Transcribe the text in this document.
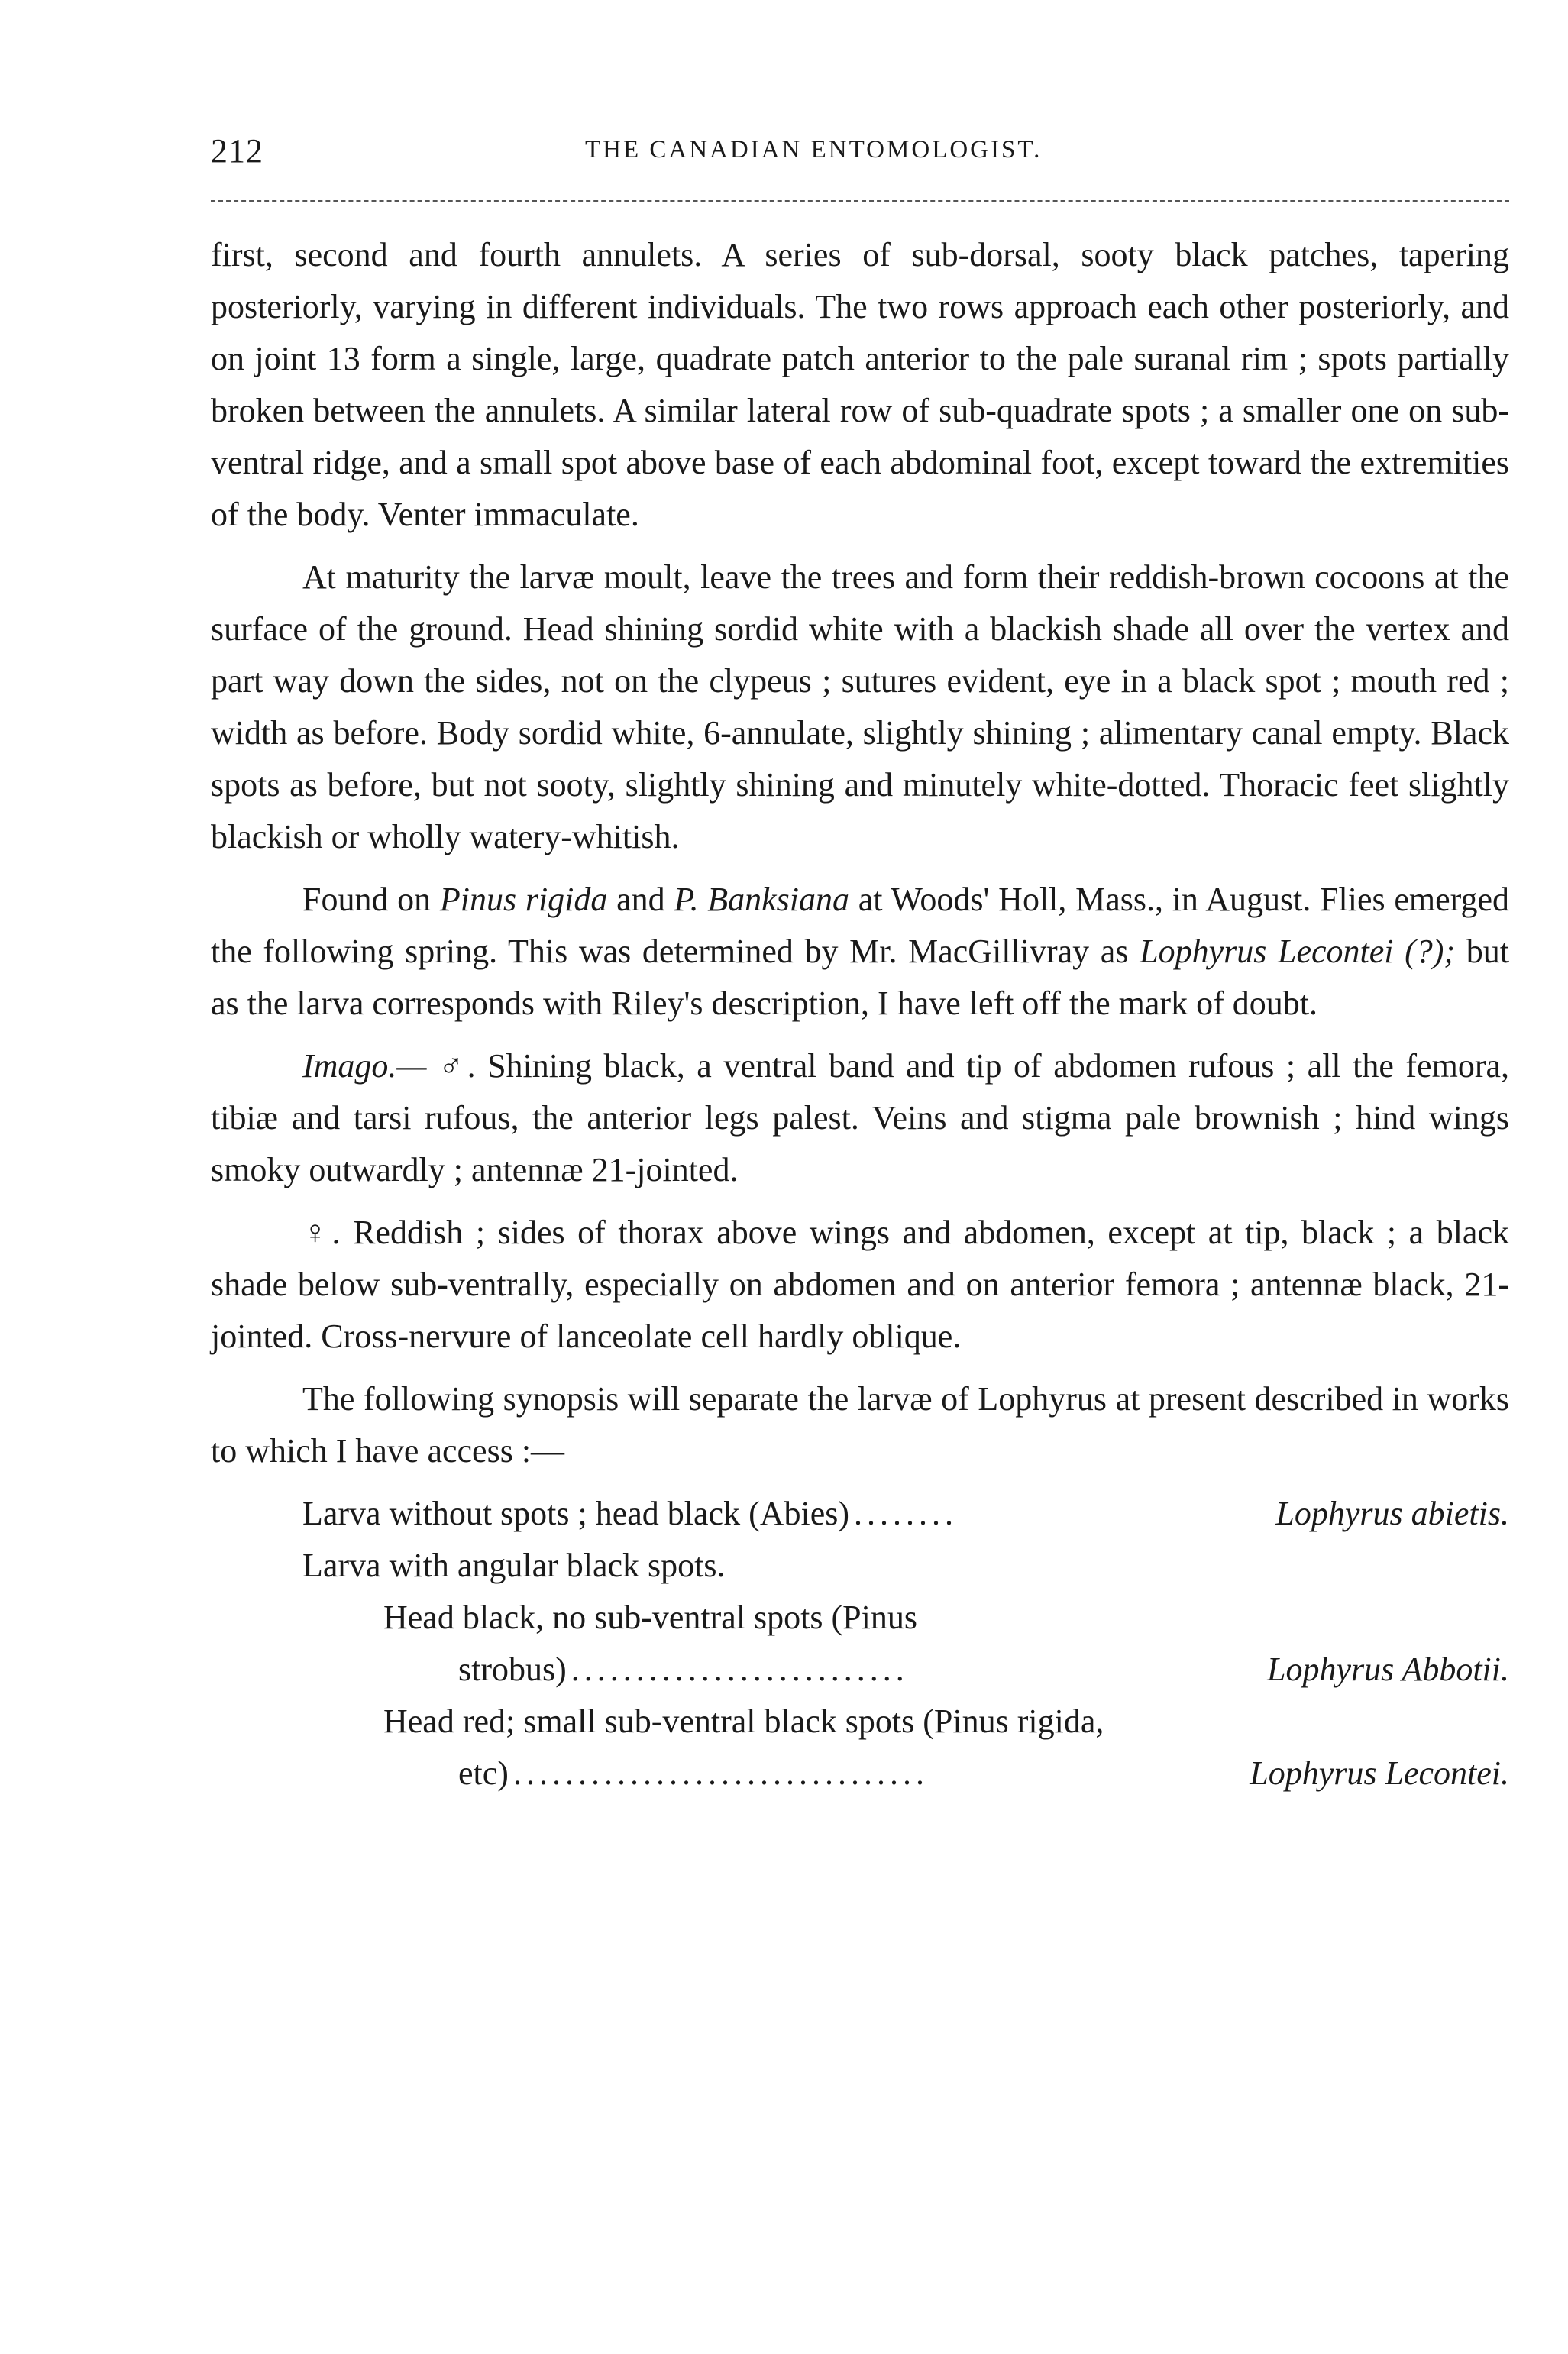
212	THE CANADIAN ENTOMOLOGIST.

first, second and fourth annulets. A series of sub-dorsal, sooty black patches, tapering posteriorly, varying in different individuals. The two rows approach each other posteriorly, and on joint 13 form a single, large, quadrate patch anterior to the pale suranal rim ; spots partially broken between the annulets. A similar lateral row of sub-quadrate spots ; a smaller one on sub-ventral ridge, and a small spot above base of each abdominal foot, except toward the extremities of the body. Venter immaculate.

At maturity the larvæ moult, leave the trees and form their reddish-brown cocoons at the surface of the ground. Head shining sordid white with a blackish shade all over the vertex and part way down the sides, not on the clypeus ; sutures evident, eye in a black spot ; mouth red ; width as before. Body sordid white, 6-annulate, slightly shining ; alimentary canal empty. Black spots as before, but not sooty, slightly shining and minutely white-dotted. Thoracic feet slightly blackish or wholly watery-whitish.

Found on Pinus rigida and P. Banksiana at Woods' Holl, Mass., in August. Flies emerged the following spring. This was determined by Mr. MacGillivray as Lophyrus Lecontei (?); but as the larva corresponds with Riley's description, I have left off the mark of doubt.

Imago.— ♂. Shining black, a ventral band and tip of abdomen rufous ; all the femora, tibiæ and tarsi rufous, the anterior legs palest. Veins and stigma pale brownish ; hind wings smoky outwardly ; antennæ 21-jointed.

♀. Reddish ; sides of thorax above wings and abdomen, except at tip, black ; a black shade below sub-ventrally, especially on abdomen and on anterior femora ; antennæ black, 21-jointed. Cross-nervure of lanceolate cell hardly oblique.

The following synopsis will separate the larvæ of Lophyrus at present described in works to which I have access :—

Larva without spots ; head black (Abies) ........	Lophyrus abietis.
Larva with angular black spots.
Head black, no sub-ventral spots (Pinus
strobus) ..........................	Lophyrus Abbotii.
Head red; small sub-ventral black spots (Pinus rigida,
etc) ................................	Lophyrus Lecontei.
